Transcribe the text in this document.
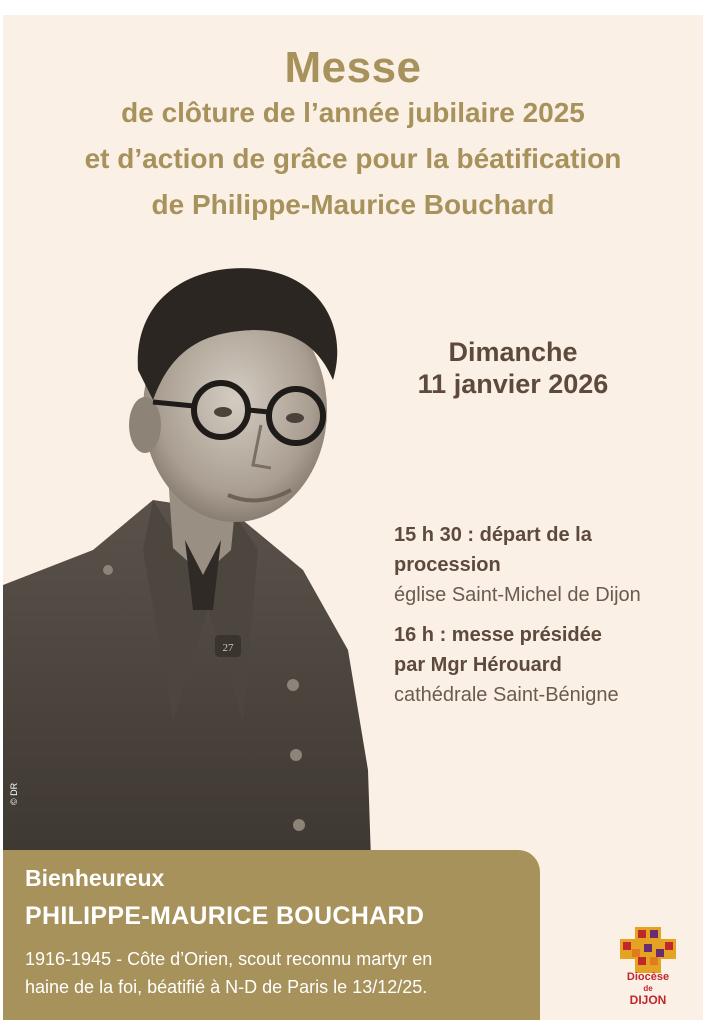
Messe
de clôture de l’année jubilaire 2025
et d’action de grâce pour la béatification
de Philippe-Maurice Bouchard
27
© DR
Dimanche
11 janvier 2026
15 h 30 : départ de la
procession
église Saint-Michel de Dijon
16 h : messe présidée
par Mgr Hérouard
cathédrale Saint-Bénigne
Bienheureux
PHILIPPE-MAURICE BOUCHARD
1916-1945 - Côte d’Orien, scout reconnu martyr en
haine de la foi, béatifié à N-D de Paris le 13/12/25.	Diocèse
de
DIJON
